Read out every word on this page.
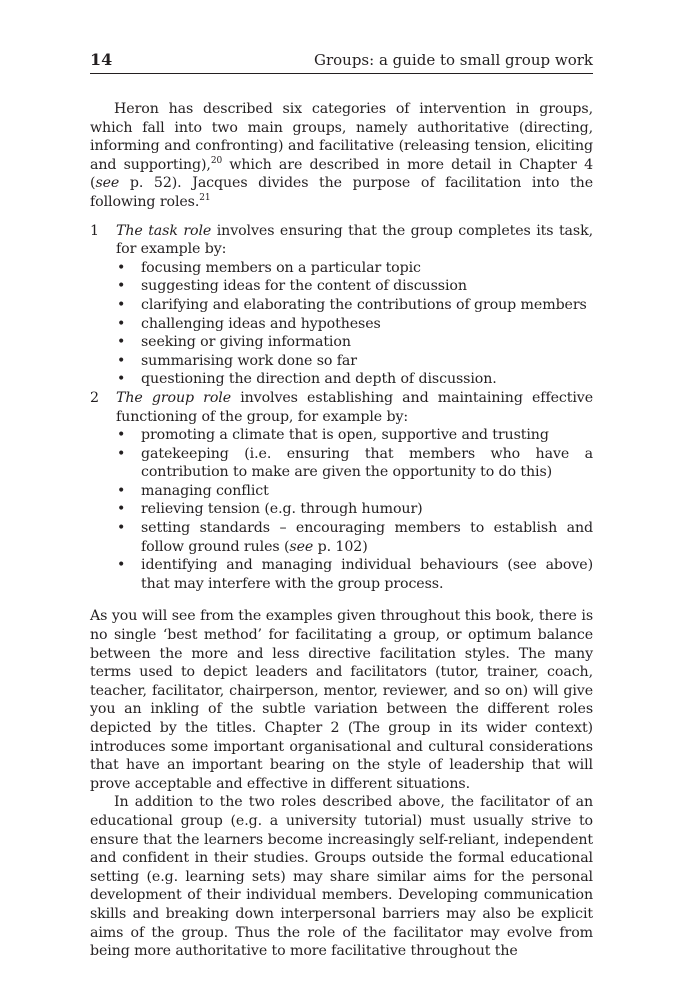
14	Groups: a guide to small group work

Heron has described six categories of intervention in groups, which fall into two main groups, namely authoritative (directing, informing and confronting) and facilitative (releasing tension, eliciting and supporting),$^{20}$ which are described in more detail in Chapter 4 (see p. 52). Jacques divides the purpose of facilitation into the following roles.$^{21}$

1 The task role involves ensuring that the group completes its task, for example by:
• focusing members on a particular topic
• suggesting ideas for the content of discussion
• clarifying and elaborating the contributions of group members
• challenging ideas and hypotheses
• seeking or giving information
• summarising work done so far
• questioning the direction and depth of discussion.
2 The group role involves establishing and maintaining effective functioning of the group, for example by:
• promoting a climate that is open, supportive and trusting
• gatekeeping (i.e. ensuring that members who have a contribution to make are given the opportunity to do this)
• managing conflict
• relieving tension (e.g. through humour)
• setting standards – encouraging members to establish and follow ground rules (see p. 102)
• identifying and managing individual behaviours (see above) that may interfere with the group process.

As you will see from the examples given throughout this book, there is no single ‘best method’ for facilitating a group, or optimum balance between the more and less directive facilitation styles. The many terms used to depict leaders and facilitators (tutor, trainer, coach, teacher, facilitator, chairperson, mentor, reviewer, and so on) will give you an inkling of the subtle variation between the different roles depicted by the titles. Chapter 2 (The group in its wider context) introduces some important organisational and cultural considerations that have an important bearing on the style of leadership that will prove acceptable and effective in different situations.

In addition to the two roles described above, the facilitator of an educational group (e.g. a university tutorial) must usually strive to ensure that the learners become increasingly self-reliant, independent and confident in their studies. Groups outside the formal educational setting (e.g. learning sets) may share similar aims for the personal development of their individual members. Developing communication skills and breaking down interpersonal barriers may also be explicit aims of the group. Thus the role of the facilitator may evolve from being more authoritative to more facilitative throughout the
